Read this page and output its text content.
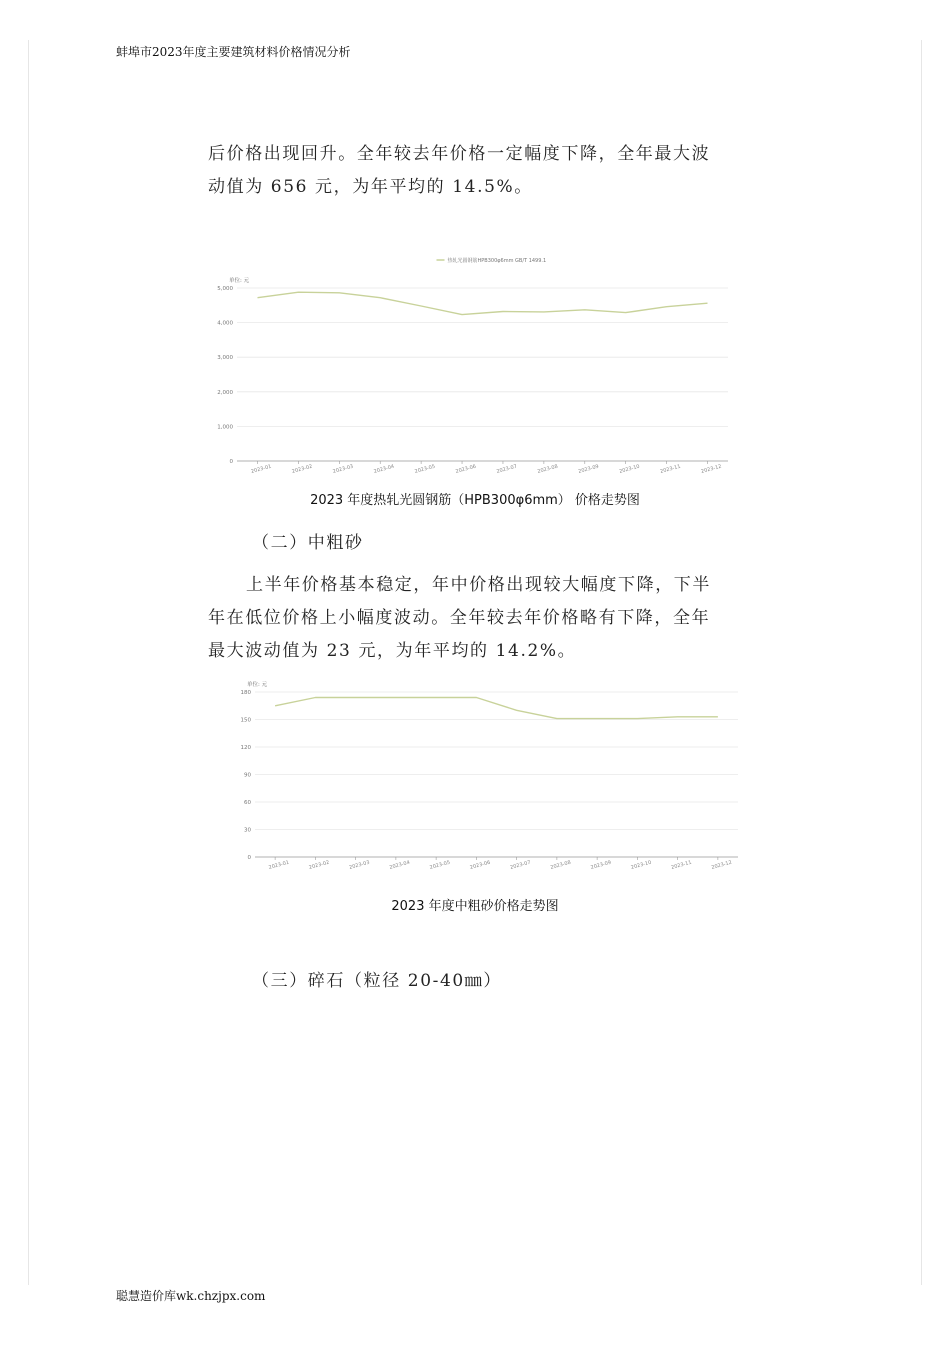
蚌埠市2023年度主要建筑材料价格情况分析

后价格出现回升。全年较去年价格一定幅度下降，全年最大波动值为 656 元，为年平均的 14.5%。

单位: 元
热轧光圆钢筋HPB300φ6mm GB/T 1499.1
0
1,000
2,000
3,000
4,000
5,000
2023-01	2023-02	2023-03	2023-04	2023-05	2023-06	2023-07	2023-08	2023-09	2023-10	2023-11	2023-12
2023 年度热轧光圆钢筋（HPB300φ6mm） 价格走势图

（二）中粗砂

上半年价格基本稳定，年中价格出现较大幅度下降，下半年在低位价格上小幅度波动。全年较去年价格略有下降，全年最大波动值为 23 元，为年平均的 14.2%。

单位: 元
0
30
60
90
120
150
180
2023-01	2023-02	2023-03	2023-04	2023-05	2023-06	2023-07	2023-08	2023-09	2023-10	2023-11	2023-12
2023 年度中粗砂价格走势图

（三）碎石（粒径 20-40㎜）

聪慧造价库wk.chzjpx.com
